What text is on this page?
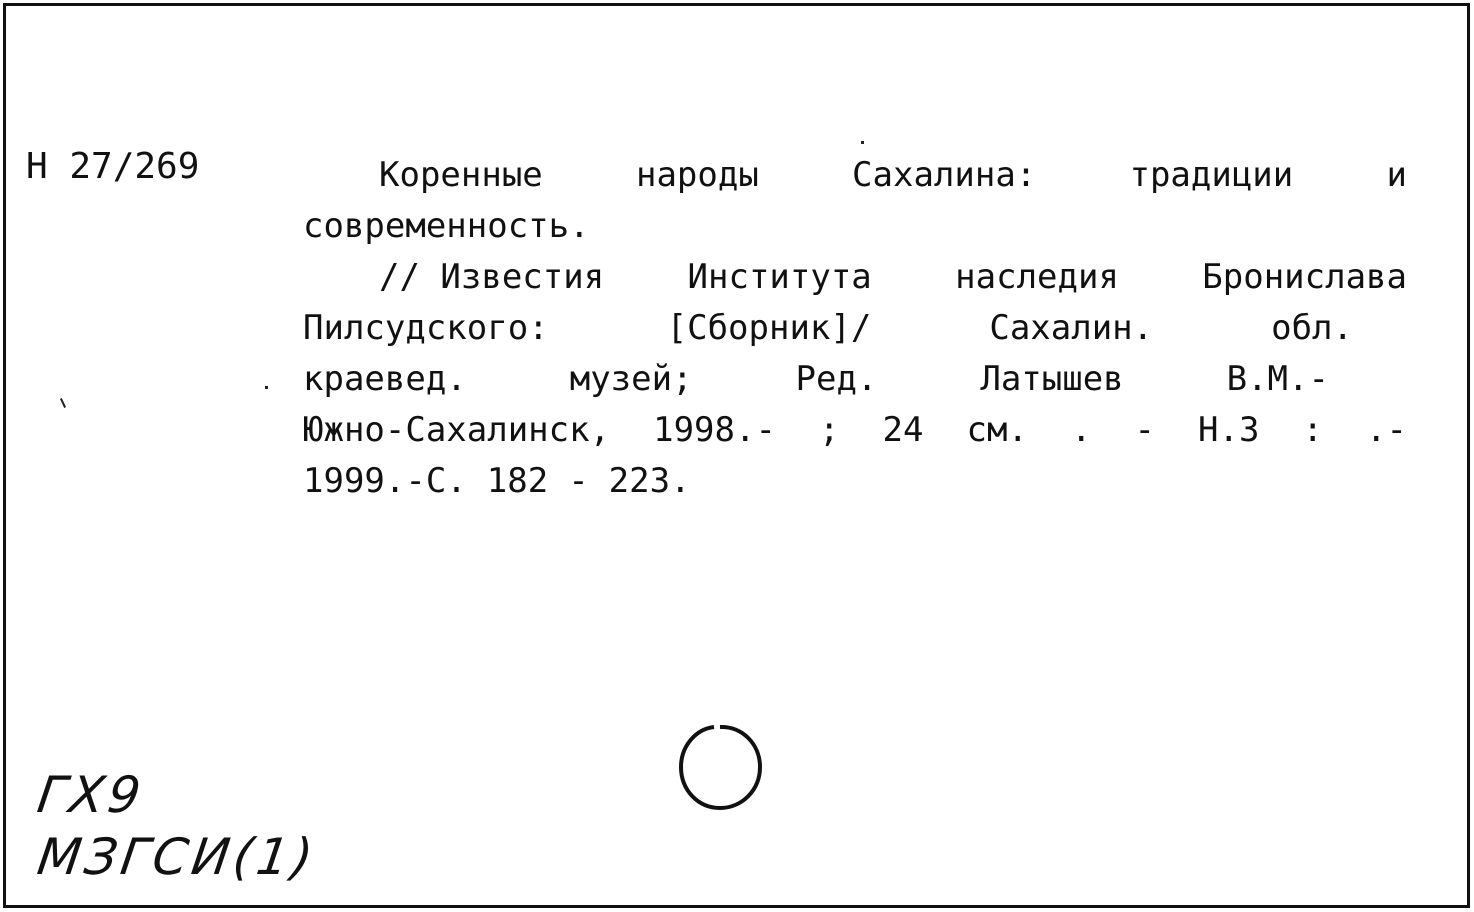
Н 27/269	Коренные	народы	Сахалина:	традиции	и
современность.
// Известия Института наследия Бронислава
Пилсудского:	[Сборник]/	Сахалин.	обл.
краевед.	музей;	Ред.	Латышев	В.М.-
Южно-Сахалинск, 1998.- ; 24 см. . - Н.3 : .-
1999.-С. 182 - 223.
ГХ9
МЗГСИ(1)
